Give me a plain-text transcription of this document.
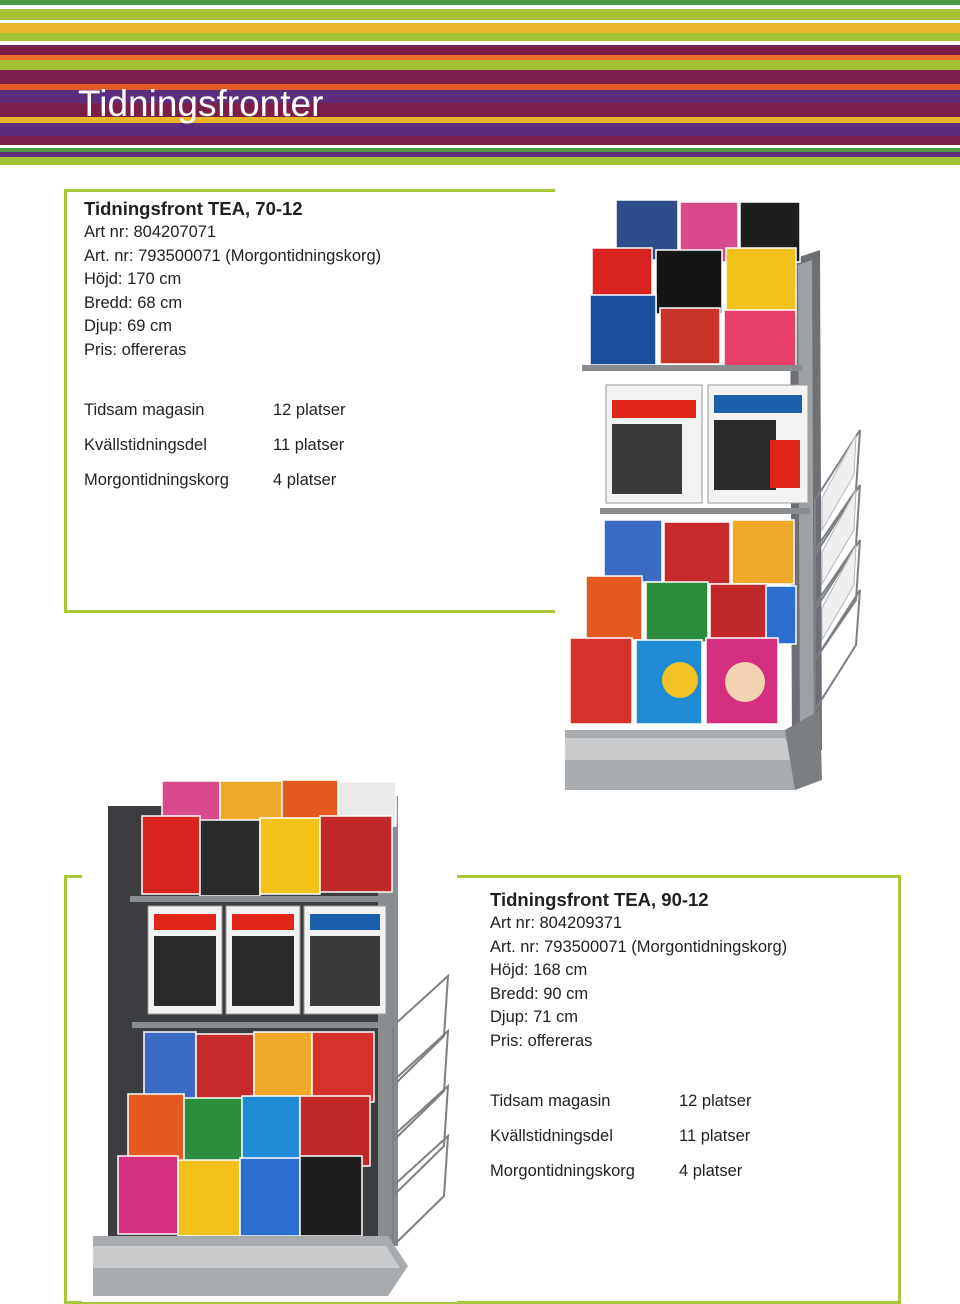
Tidningsfronter
Tidningsfront TEA, 70-12
Art nr: 804207071
Art. nr: 793500071 (Morgontidningskorg)
Höjd: 170 cm
Bredd: 68 cm
Djup: 69 cm
Pris: offereras
Tidsam magasin	12 platser
Kvällstidningsdel	11 platser
Morgontidningskorg	4 platser
Tidningsfront TEA, 90-12
Art nr: 804209371
Art. nr: 793500071 (Morgontidningskorg)
Höjd: 168 cm
Bredd: 90 cm
Djup: 71 cm
Pris: offereras
Tidsam magasin	12 platser
Kvällstidningsdel	11 platser
Morgontidningskorg	4 platser
